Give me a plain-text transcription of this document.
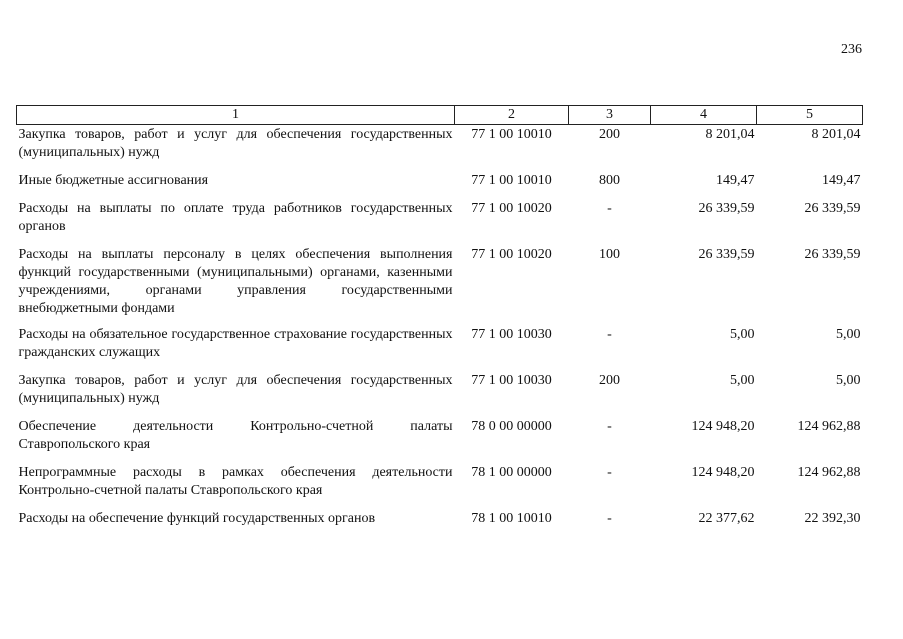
236
1	2	3	4	5
Закупка товаров, работ и услуг для обеспечения государственных (муниципальных) нужд	77 1 00 10010	200	8 201,04	8 201,04
Иные бюджетные ассигнования	77 1 00 10010	800	149,47	149,47
Расходы на выплаты по оплате труда работников государственных органов	77 1 00 10020	-	26 339,59	26 339,59
Расходы на выплаты персоналу в целях обеспечения выполнения функций государственными (муниципальными) органами, казенными учреждениями, органами управления государственными внебюджетными фондами	77 1 00 10020	100	26 339,59	26 339,59
Расходы на обязательное государственное страхование государственных гражданских служащих	77 1 00 10030	-	5,00	5,00
Закупка товаров, работ и услуг для обеспечения государственных (муниципальных) нужд	77 1 00 10030	200	5,00	5,00
Обеспечение деятельности Контрольно-счетной палаты Ставропольского края	78 0 00 00000	-	124 948,20	124 962,88
Непрограммные расходы в рамках обеспечения деятельности Контрольно-счетной палаты Ставропольского края	78 1 00 00000	-	124 948,20	124 962,88
Расходы на обеспечение функций государственных органов	78 1 00 10010	-	22 377,62	22 392,30
